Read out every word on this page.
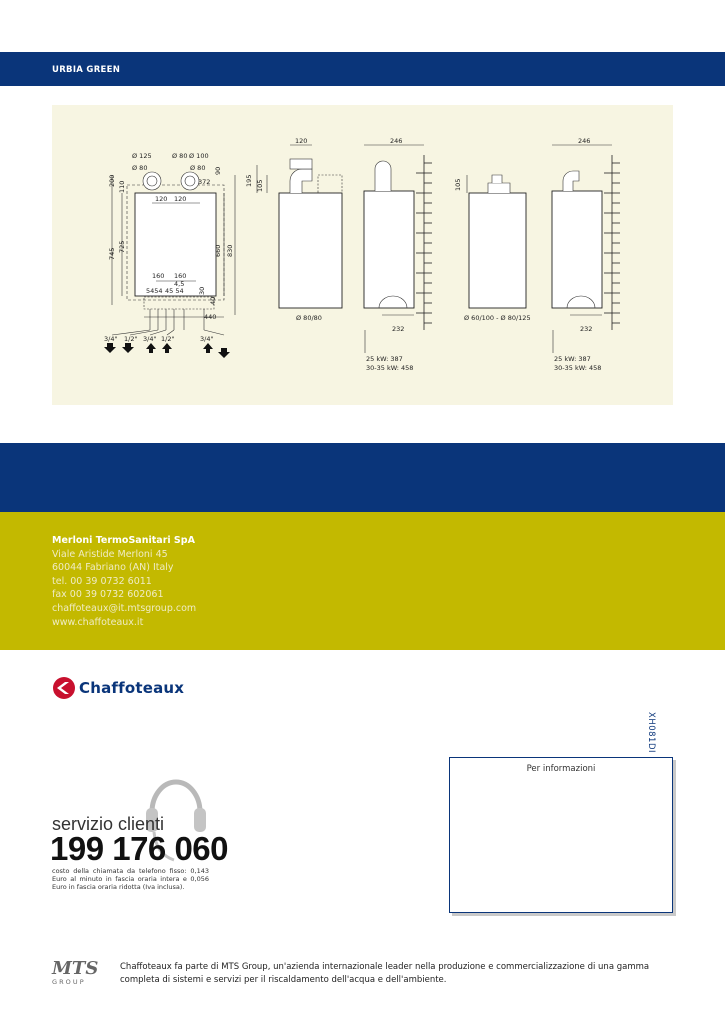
URBIA GREEN
Ø 125	Ø 80 Ø 100
Ø 80	Ø 80 90
372
200 110
120 120
745
725	660 830
160 160
4,5
5454 45 54 30
40
440
3/4" 1/2" 3/4" 1/2"	3/4"
120
195 105
Ø 80/80
246
232
25 kW: 387
30-35 kW: 458
105
Ø 60/100 - Ø 80/125
246
232
25 kW: 387
30-35 kW: 458
Merloni TermoSanitari SpA
Viale Aristide Merloni 45
60044 Fabriano (AN) Italy
tel. 00 39 0732 6011
fax 00 39 0732 602061
chaffoteaux@it.mtsgroup.com
www.chaffoteaux.it
Chaffoteaux
XH081DI
Per informazioni
servizio clienti
199 176 060
costo della chiamata da telefono fisso: 0,143 Euro al minuto in fascia oraria intera e 0,056 Euro in fascia oraria ridotta (Iva inclusa).
MTS
G R O U P
Chaffoteaux fa parte di MTS Group, un'azienda internazionale leader nella produzione e commercializzazione di una gamma completa di sistemi e servizi per il riscaldamento dell'acqua e dell'ambiente.
